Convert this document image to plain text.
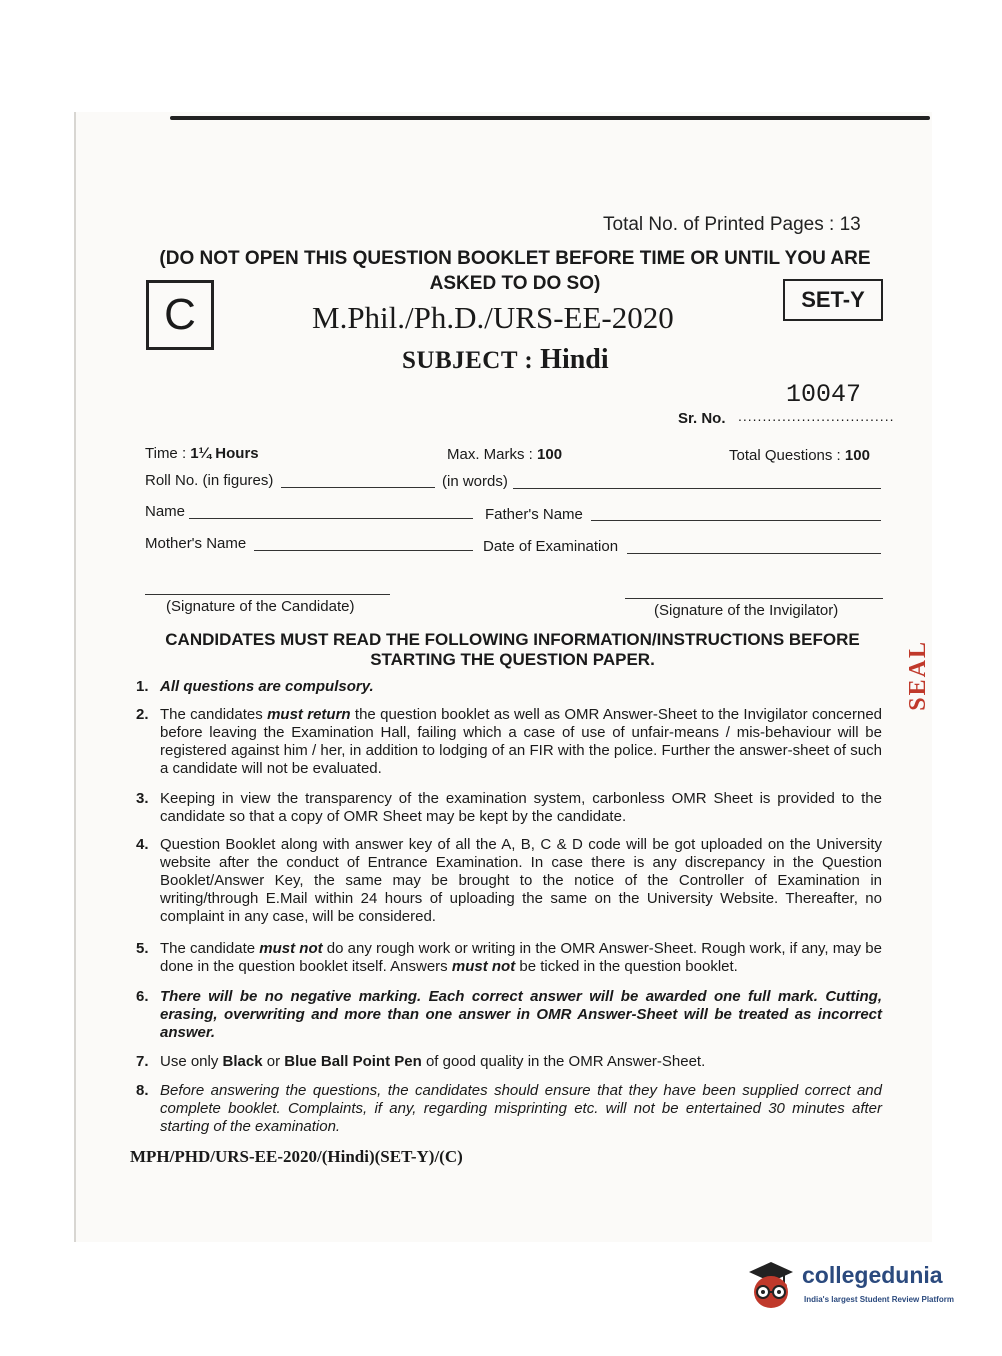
Total No. of Printed Pages : 13
(DO NOT OPEN THIS QUESTION BOOKLET BEFORE TIME OR UNTIL YOU ARE ASKED TO DO SO)
C	SET-Y
M.Phil./Ph.D./URS-EE-2020
SUBJECT : Hindi
10047
Sr. No. ................................
Time : 1¼ Hours	Max. Marks : 100	Total Questions : 100
Roll No. (in figures)	(in words)
Name	Father's Name
Mother's Name	Date of Examination
(Signature of the Candidate)	(Signature of the Invigilator)
SEAL
CANDIDATES MUST READ THE FOLLOWING INFORMATION/INSTRUCTIONS BEFORE STARTING THE QUESTION PAPER.
1. All questions are compulsory.
2. The candidates must return the question booklet as well as OMR Answer-Sheet to the Invigilator concerned before leaving the Examination Hall, failing which a case of use of unfair-means / mis-behaviour will be registered against him / her, in addition to lodging of an FIR with the police. Further the answer-sheet of such a candidate will not be evaluated.
3. Keeping in view the transparency of the examination system, carbonless OMR Sheet is provided to the candidate so that a copy of OMR Sheet may be kept by the candidate.
4. Question Booklet along with answer key of all the A, B, C & D code will be got uploaded on the University website after the conduct of Entrance Examination. In case there is any discrepancy in the Question Booklet/Answer Key, the same may be brought to the notice of the Controller of Examination in writing/through E.Mail within 24 hours of uploading the same on the University Website. Thereafter, no complaint in any case, will be considered.
5. The candidate must not do any rough work or writing in the OMR Answer-Sheet. Rough work, if any, may be done in the question booklet itself. Answers must not be ticked in the question booklet.
6. There will be no negative marking. Each correct answer will be awarded one full mark. Cutting, erasing, overwriting and more than one answer in OMR Answer-Sheet will be treated as incorrect answer.
7. Use only Black or Blue Ball Point Pen of good quality in the OMR Answer-Sheet.
8. Before answering the questions, the candidates should ensure that they have been supplied correct and complete booklet. Complaints, if any, regarding misprinting etc. will not be entertained 30 minutes after starting of the examination.
MPH/PHD/URS-EE-2020/(Hindi)(SET-Y)/(C)
collegedunia
India's largest Student Review Platform
